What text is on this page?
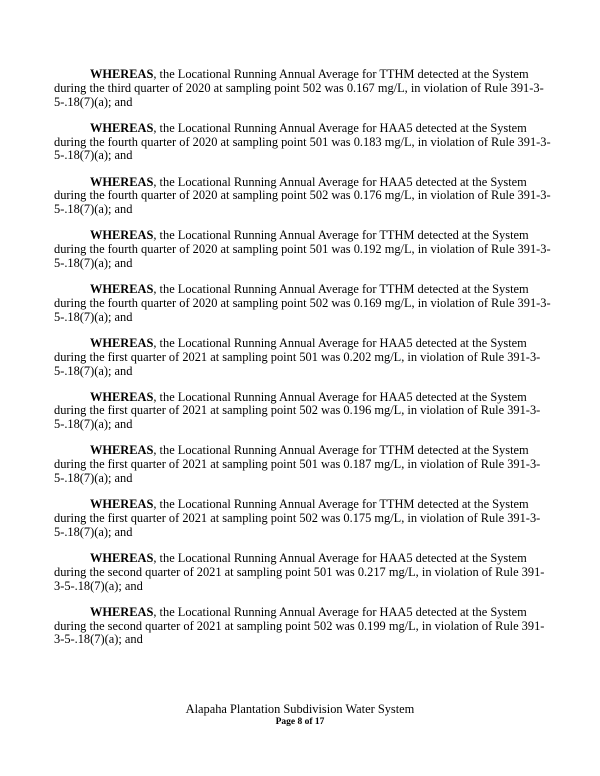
WHEREAS, the Locational Running Annual Average for TTHM detected at the System during the third quarter of 2020 at sampling point 502 was 0.167 mg/L, in violation of Rule 391-3-5-.18(7)(a); and

WHEREAS, the Locational Running Annual Average for HAA5 detected at the System during the fourth quarter of 2020 at sampling point 501 was 0.183 mg/L, in violation of Rule 391-3-5-.18(7)(a); and

WHEREAS, the Locational Running Annual Average for HAA5 detected at the System during the fourth quarter of 2020 at sampling point 502 was 0.176 mg/L, in violation of Rule 391-3-5-.18(7)(a); and

WHEREAS, the Locational Running Annual Average for TTHM detected at the System during the fourth quarter of 2020 at sampling point 501 was 0.192 mg/L, in violation of Rule 391-3-5-.18(7)(a); and

WHEREAS, the Locational Running Annual Average for TTHM detected at the System during the fourth quarter of 2020 at sampling point 502 was 0.169 mg/L, in violation of Rule 391-3-5-.18(7)(a); and

WHEREAS, the Locational Running Annual Average for HAA5 detected at the System during the first quarter of 2021 at sampling point 501 was 0.202 mg/L, in violation of Rule 391-3-5-.18(7)(a); and

WHEREAS, the Locational Running Annual Average for HAA5 detected at the System during the first quarter of 2021 at sampling point 502 was 0.196 mg/L, in violation of Rule 391-3-5-.18(7)(a); and

WHEREAS, the Locational Running Annual Average for TTHM detected at the System during the first quarter of 2021 at sampling point 501 was 0.187 mg/L, in violation of Rule 391-3-5-.18(7)(a); and

WHEREAS, the Locational Running Annual Average for TTHM detected at the System during the first quarter of 2021 at sampling point 502 was 0.175 mg/L, in violation of Rule 391-3-5-.18(7)(a); and

WHEREAS, the Locational Running Annual Average for HAA5 detected at the System during the second quarter of 2021 at sampling point 501 was 0.217 mg/L, in violation of Rule 391-3-5-.18(7)(a); and

WHEREAS, the Locational Running Annual Average for HAA5 detected at the System during the second quarter of 2021 at sampling point 502 was 0.199 mg/L, in violation of Rule 391-3-5-.18(7)(a); and

Alapaha Plantation Subdivision Water System
Page 8 of 17
